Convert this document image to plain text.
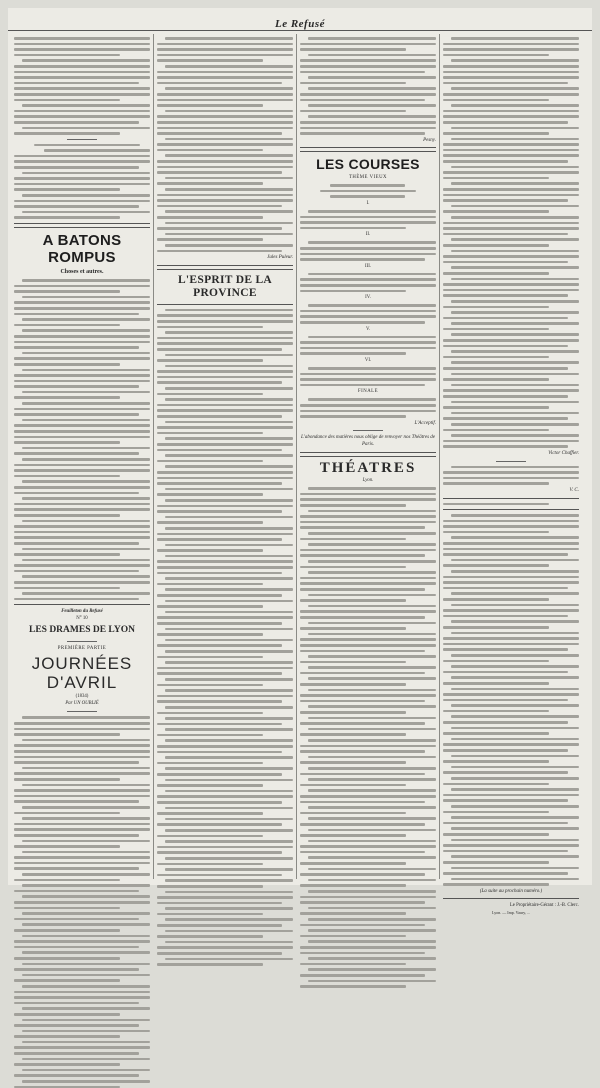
$_{Le Refusé}$
A BATONS ROMPUS
Choses et autres.
Feuilleton du Refusé
N° 10
LES DRAMES DE LYON
PREMIÈRE PARTIE
JOURNÉES D'AVRIL
(1834)
Par UN OUBLIÉ
Jules Puleur.
L'ESPRIT DE LA PROVINCE
Pesny.
LES COURSES
THÈME VIEUX
I.
II.
III.
IV.
V.
VI.
FINALE
L'Acceptif.
L'abondance des matières nous oblige de renvoyer nos Théâtres de Paris.
THÉATRES
Lyon.
Victor Chaffier.
V. C.
(La suite au prochain numéro.)
Le Propriétaire-Gérant : J.-B. Clerc.
Lyon. — Imp. Vaury, ...
